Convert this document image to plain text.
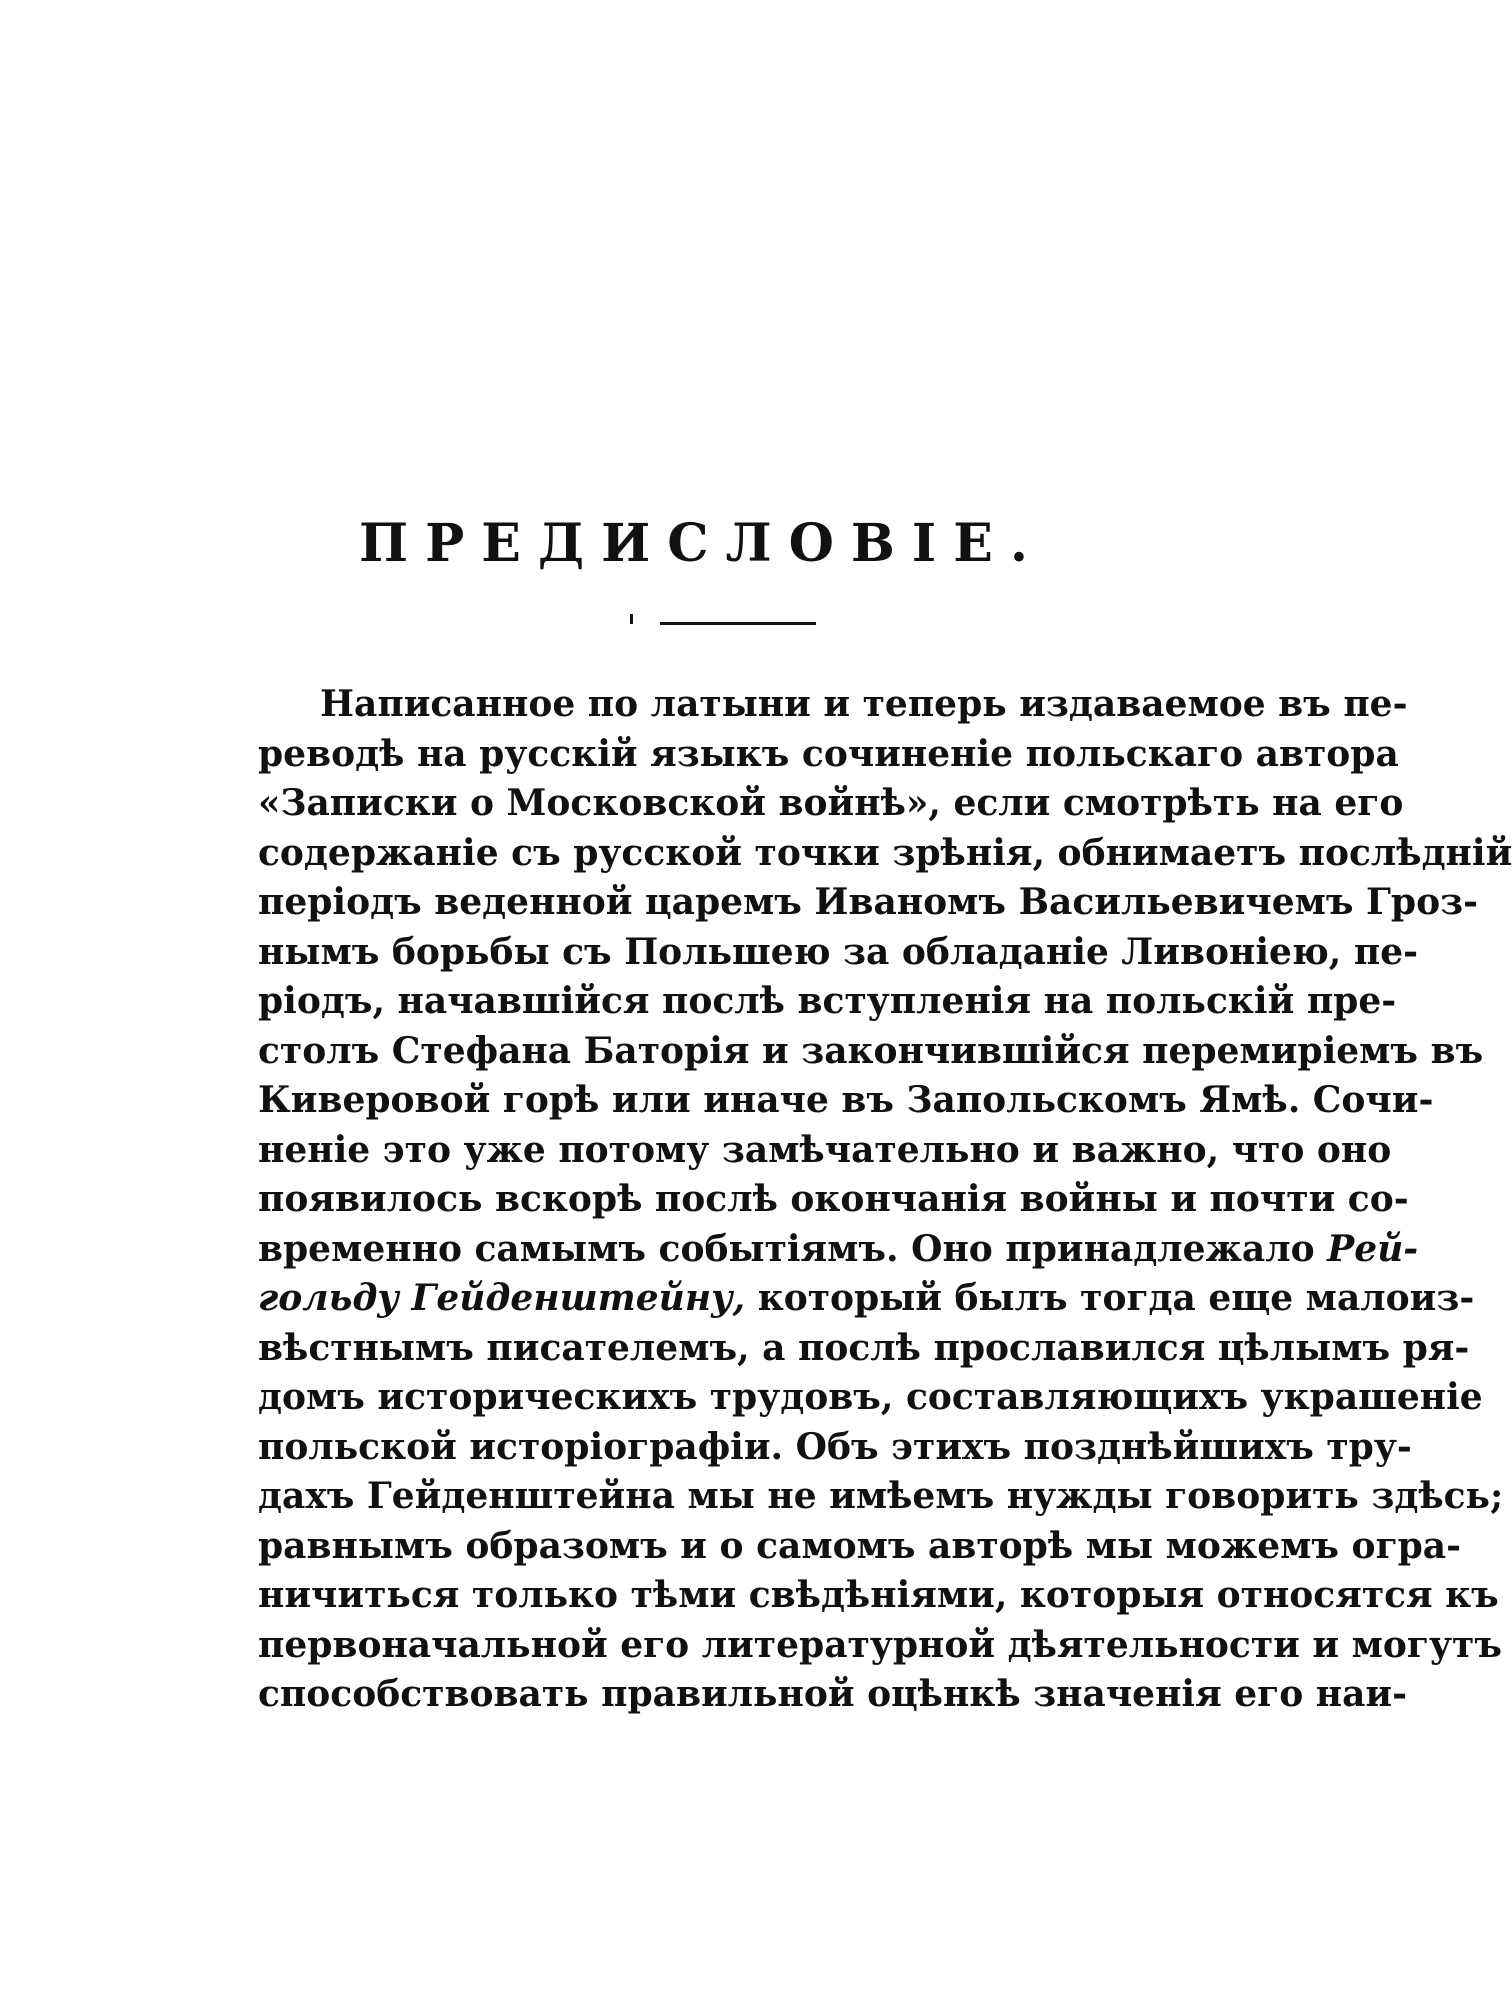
ПРЕДИСЛОВІЕ.
Написанное по латыни и теперь издаваемое въ пе-
реводѣ на русскій языкъ сочиненіе польскаго автора
«Записки о Московской войнѣ», если смотрѣть на его
содержаніе съ русской точки зрѣнія, обнимаетъ послѣдній
періодъ веденной царемъ Иваномъ Васильевичемъ Гроз-
нымъ борьбы съ Польшею за обладаніе Ливоніею, пе-
ріодъ, начавшійся послѣ вступленія на польскій пре-
столъ Стефана Баторія и закончившійся перемиріемъ въ
Киверовой горѣ или иначе въ Запольскомъ Ямѣ. Сочи-
неніе это уже потому замѣчательно и важно, что оно
появилось вскорѣ послѣ окончанія войны и почти со-
временно самымъ событіямъ. Оно принадлежало Рей-
гольду Гейденштейну, который былъ тогда еще малоиз-
вѣстнымъ писателемъ, а послѣ прославился цѣлымъ ря-
домъ историческихъ трудовъ, составляющихъ украшеніе
польской исторіографіи. Объ этихъ позднѣйшихъ тру-
дахъ Гейденштейна мы не имѣемъ нужды говорить здѣсь;
равнымъ образомъ и о самомъ авторѣ мы можемъ огра-
ничиться только тѣми свѣдѣніями, которыя относятся къ
первоначальной его литературной дѣятельности и могутъ
способствовать правильной оцѣнкѣ значенія его наи-
